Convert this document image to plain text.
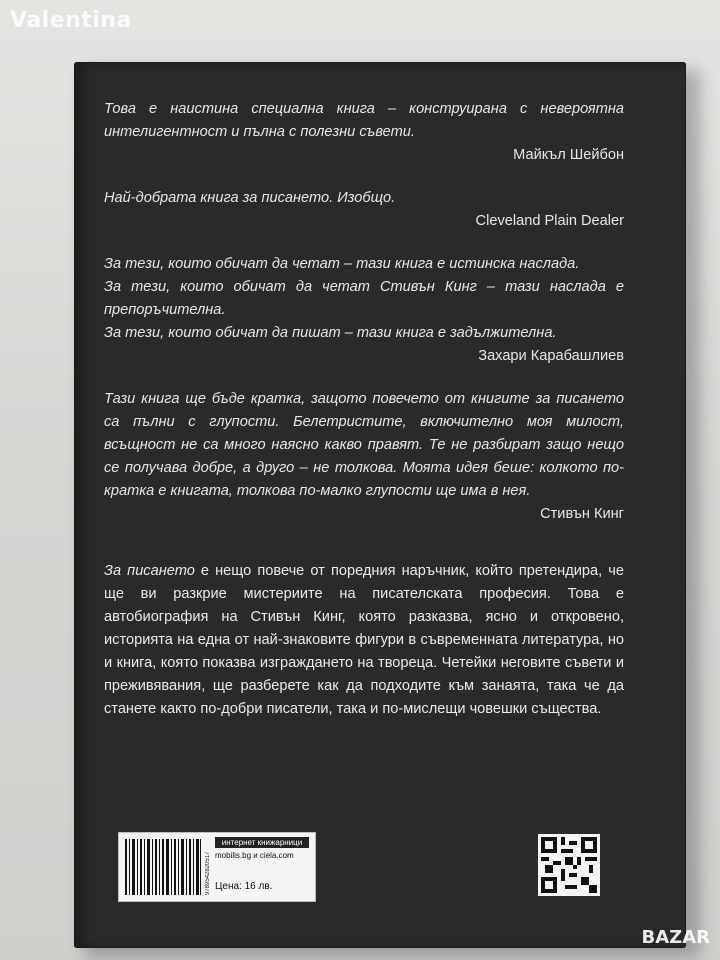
Valentina

Това е наистина специална книга – конструирана с невероятна интелигентност и пълна с полезни съвети.

Майкъл Шейбон

Най-добрата книга за писането. Изобщо.

Cleveland Plain Dealer

За тези, които обичат да четат – тази книга е истинска наслада.

За тези, които обичат да четат Стивън Кинг – тази наслада е препоръчителна.

За тези, които обичат да пишат – тази книга е задължителна.

Захари Карабашлиев

Тази книга ще бъде кратка, защото повечето от книгите за писането са пълни с глупости. Белетристите, включително моя милост, всъщност не са много наясно какво правят. Те не разбират защо нещо се получава добре, а друго – не толкова. Моята идея беше: колкото по-кратка е книгата, толкова по-малко глупости ще има в нея.

Стивън Кинг

За писането е нещо повече от поредния наръчник, който претендира, че ще ви разкрие мистериите на писателската професия. Това е автобиография на Стивън Кинг, която разказва, ясно и откровено, историята на една от най-знаковите фигури в съвременната литература, но и книга, която показва изграждането на твореца. Четейки неговите съвети и преживявания, ще разберете как да подходите към занаята, така че да станете както по-добри писатели, така и по-мислещи човешки същества.

9789542820517
интернет книжарници
mobilis.bg и ciela.com
Цена: 16 лв.
BAZAR
